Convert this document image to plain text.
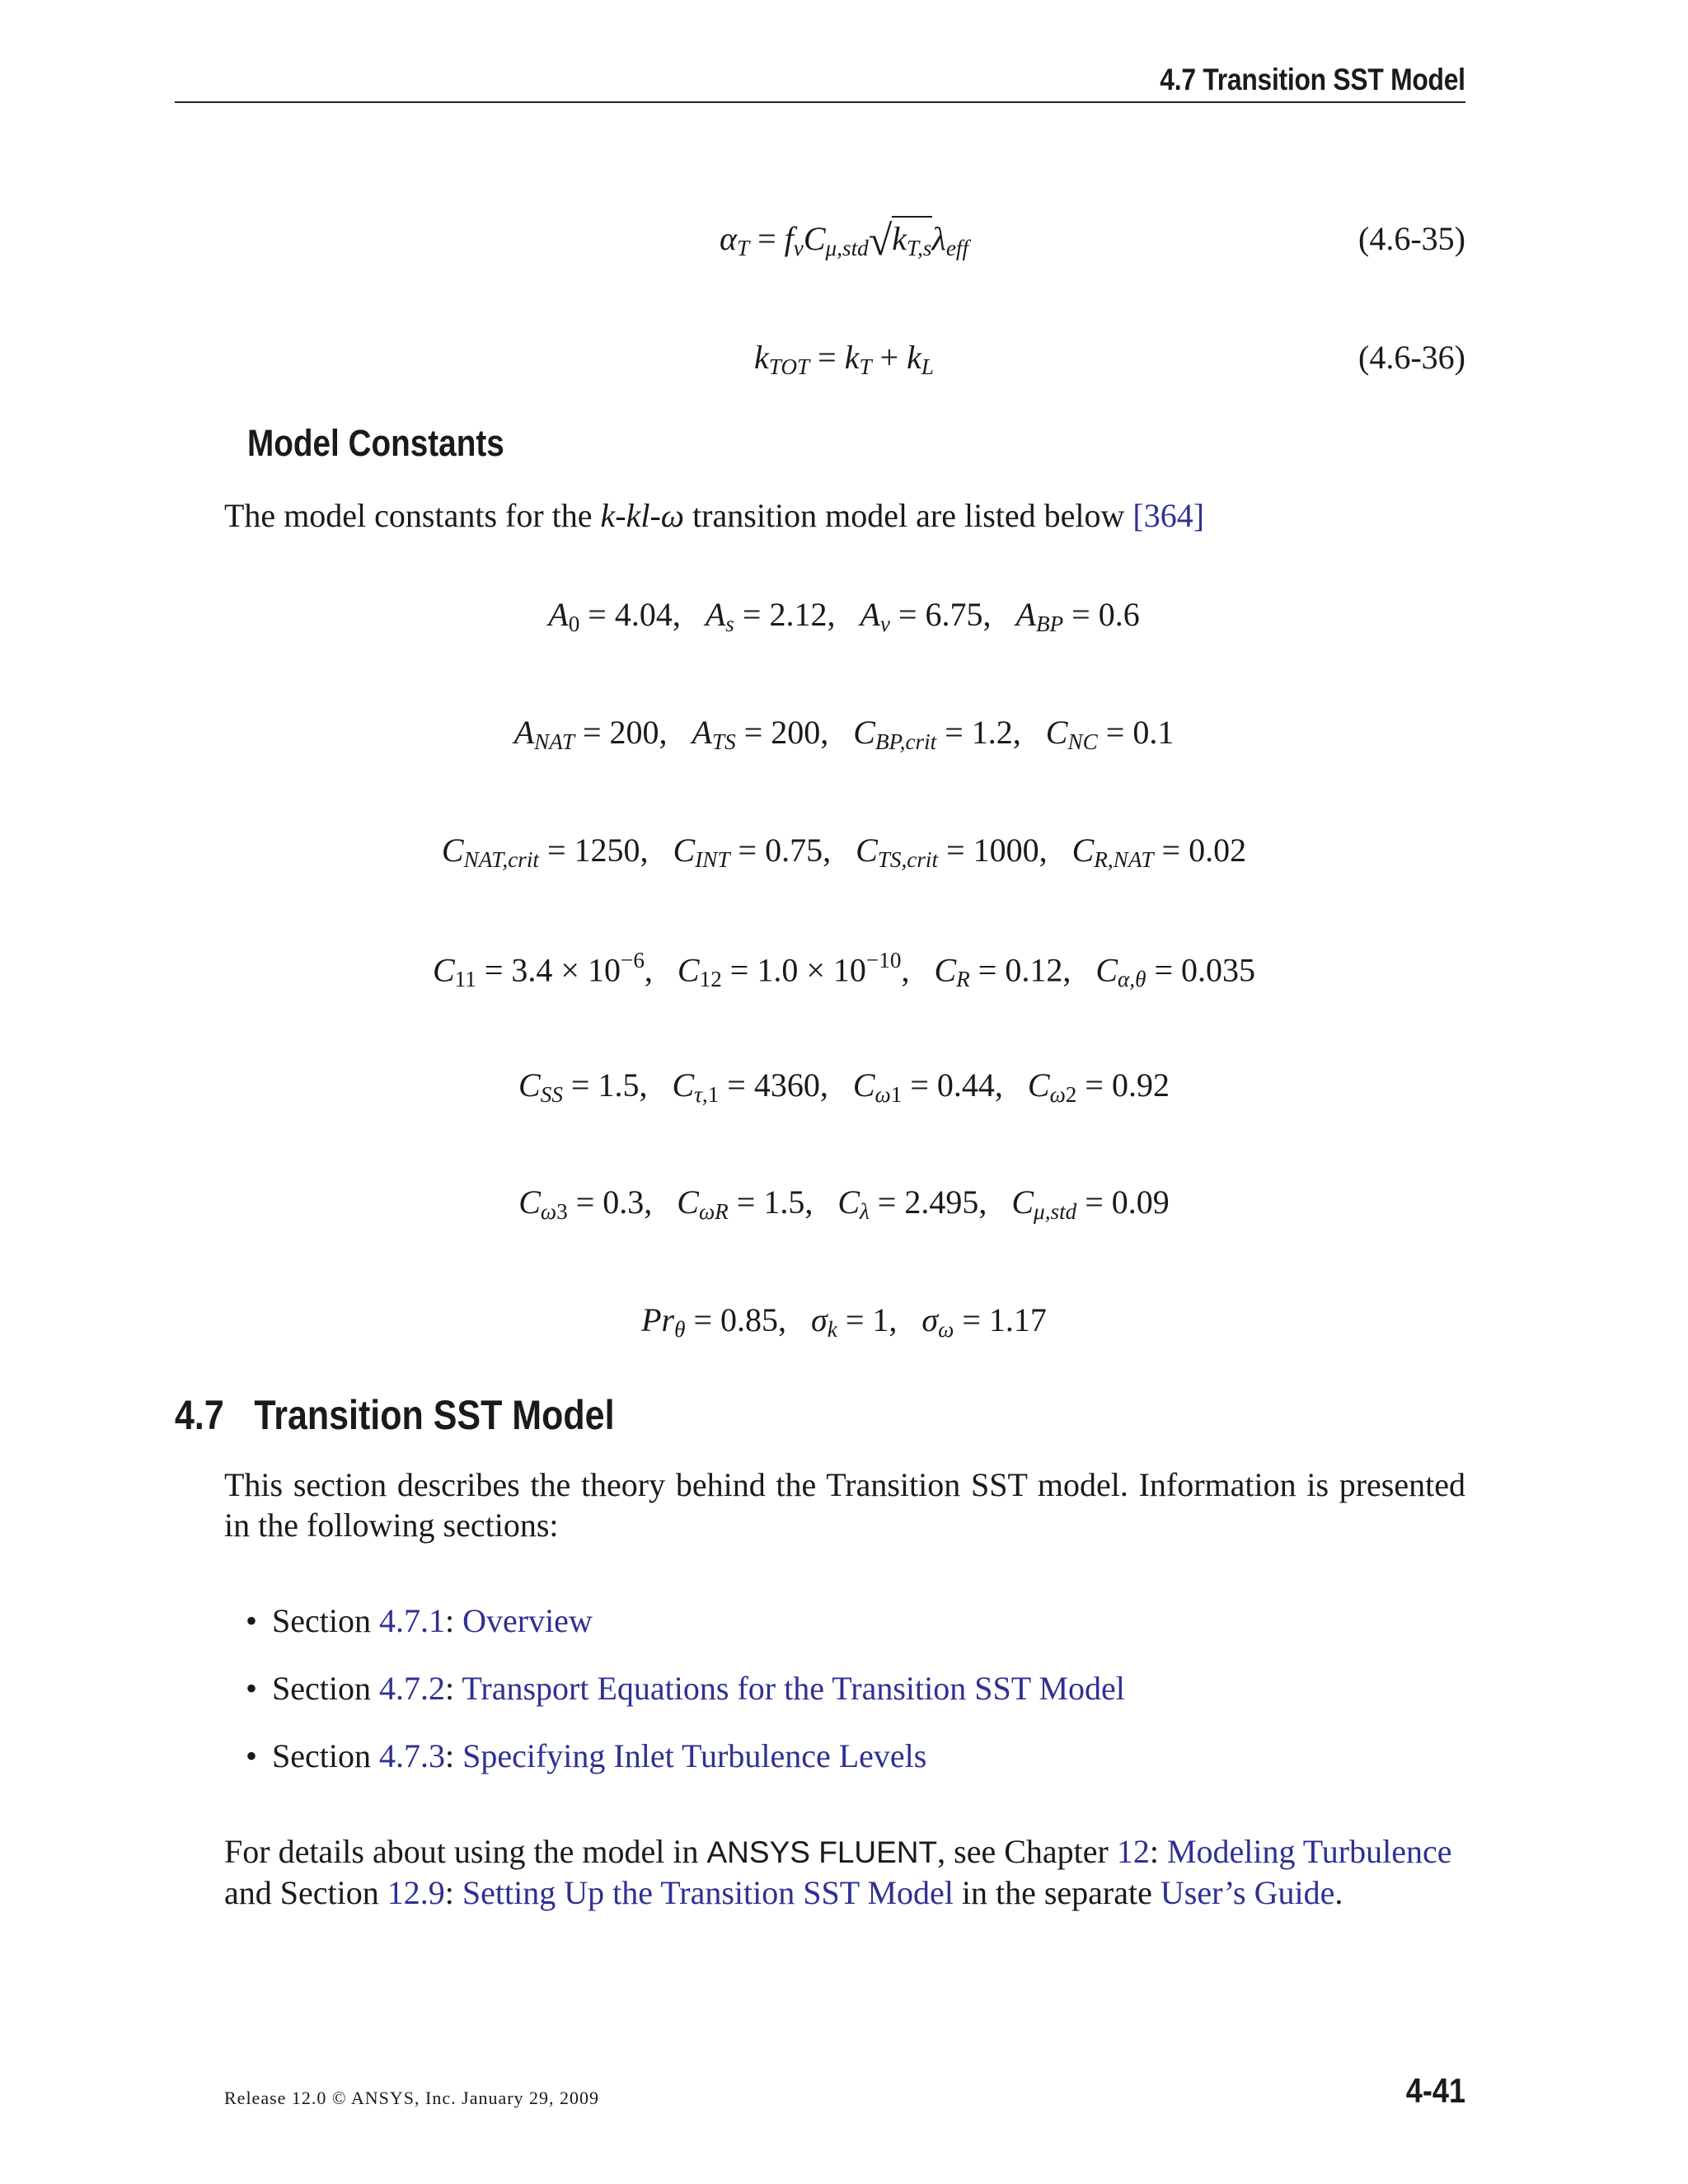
4.7 Transition SST Model
$\alpha_T = f_\nu C_{\mu,std}√k_{T,s}\lambda_{eff}$	(4.6-35)
$k_{TOT} = k_T + k_L$	(4.6-36)
Model Constants
The model constants for the k-kl-ω transition model are listed below [364]
$A_0 = 4.04$,   $A_s = 2.12$,   $A_\nu = 6.75$,   $A_{BP} = 0.6$
$A_{NAT} = 200$,   $A_{TS} = 200$,   $C_{BP,crit} = 1.2$,   $C_{NC} = 0.1$
$C_{NAT,crit} = 1250$,   $C_{INT} = 0.75$,   $C_{TS,crit} = 1000$,   $C_{R,NAT} = 0.02$
$C_{11} = 3.4 \times 10^{-6}$,   $C_{12} = 1.0 \times 10^{-10}$,   $C_R = 0.12$,   $C_{\alpha,\theta} = 0.035$
$C_{SS} = 1.5$,   $C_{\tau,1} = 4360$,   $C_{\omega 1} = 0.44$,   $C_{\omega 2} = 0.92$
$C_{\omega 3} = 0.3$,   $C_{\omega R} = 1.5$,   $C_\lambda = 2.495$,   $C_{\mu,std} = 0.09$
$Pr_\theta = 0.85$,   $\sigma_k = 1$,   $\sigma_\omega = 1.17$
4.7 Transition SST Model
This section describes the theory behind the Transition SST model. Information is presented in the following sections:
• Section 4.7.1: Overview
• Section 4.7.2: Transport Equations for the Transition SST Model
• Section 4.7.3: Specifying Inlet Turbulence Levels
For details about using the model in ANSYS FLUENT, see Chapter 12: Modeling Turbulence
and Section 12.9: Setting Up the Transition SST Model in the separate User’s Guide.
Release 12.0 © ANSYS, Inc. January 29, 2009	4-41
